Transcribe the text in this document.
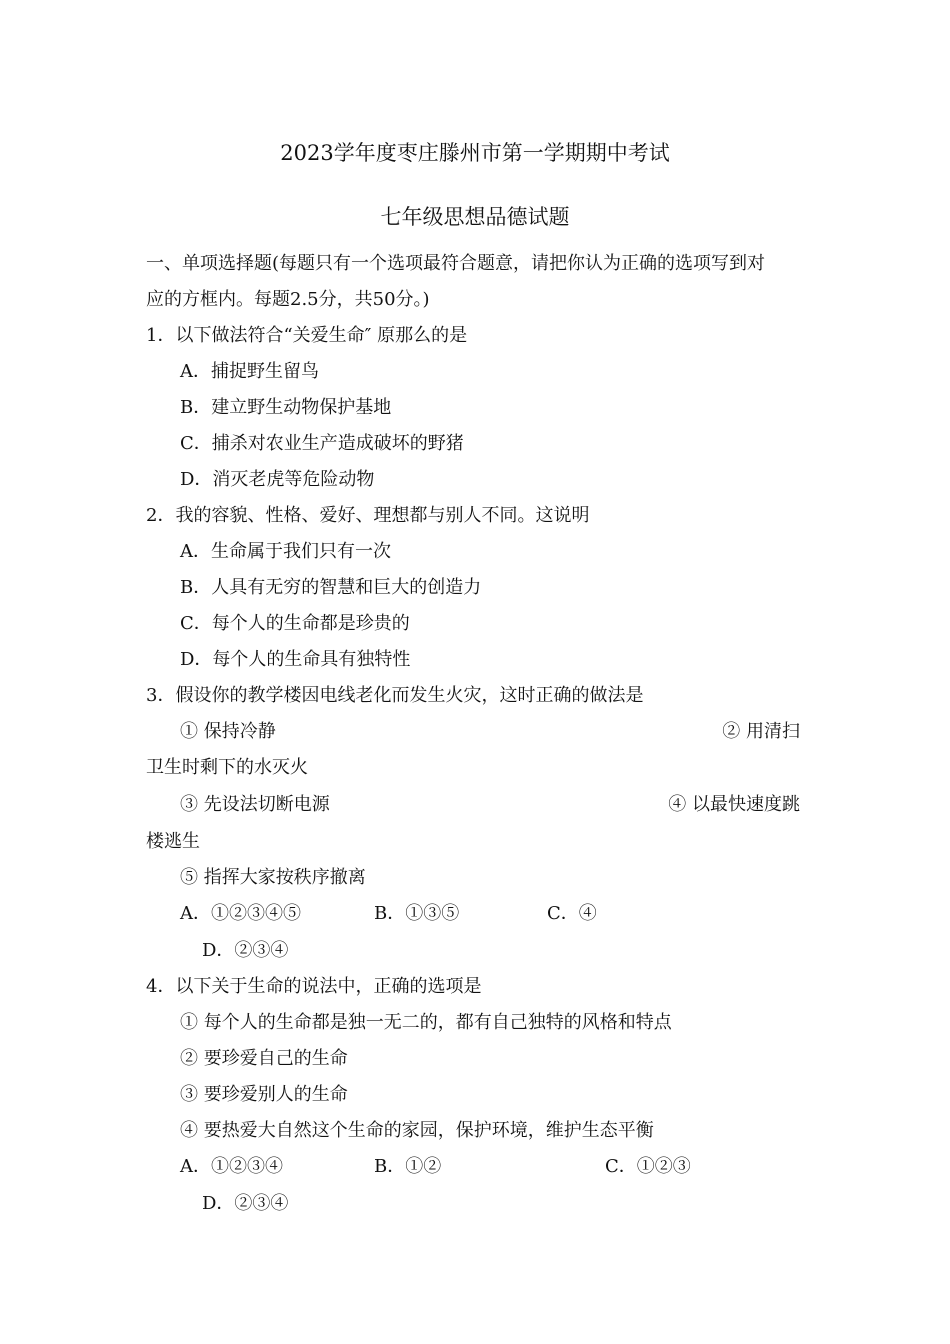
2023学年度枣庄滕州市第一学期期中考试
七年级思想品德试题
一、单项选择题(每题只有一个选项最符合题意，请把你认为正确的选项写到对
应的方框内。每题2.5分，共50分。)
1．以下做法符合“关爱生命″ 原那么的是
A．捕捉野生留鸟
B．建立野生动物保护基地
C．捕杀对农业生产造成破坏的野猪
D．消灭老虎等危险动物
2．我的容貌、性格、爱好、理想都与别人不同。这说明
A．生命属于我们只有一次
B．人具有无穷的智慧和巨大的创造力
C．每个人的生命都是珍贵的
D．每个人的生命具有独特性
3．假设你的教学楼因电线老化而发生火灾，这时正确的做法是
① 保持冷静	② 用清扫
卫生时剩下的水灭火
③ 先设法切断电源	④ 以最快速度跳
楼逃生
⑤ 指挥大家按秩序撤离
A．①②③④⑤	B．①③⑤	C．④
D．②③④
4．以下关于生命的说法中，正确的选项是
① 每个人的生命都是独一无二的，都有自己独特的风格和特点
② 要珍爱自己的生命
③ 要珍爱别人的生命
④ 要热爱大自然这个生命的家园，保护环境，维护生态平衡
A．①②③④	B．①②	C．①②③
D．②③④
